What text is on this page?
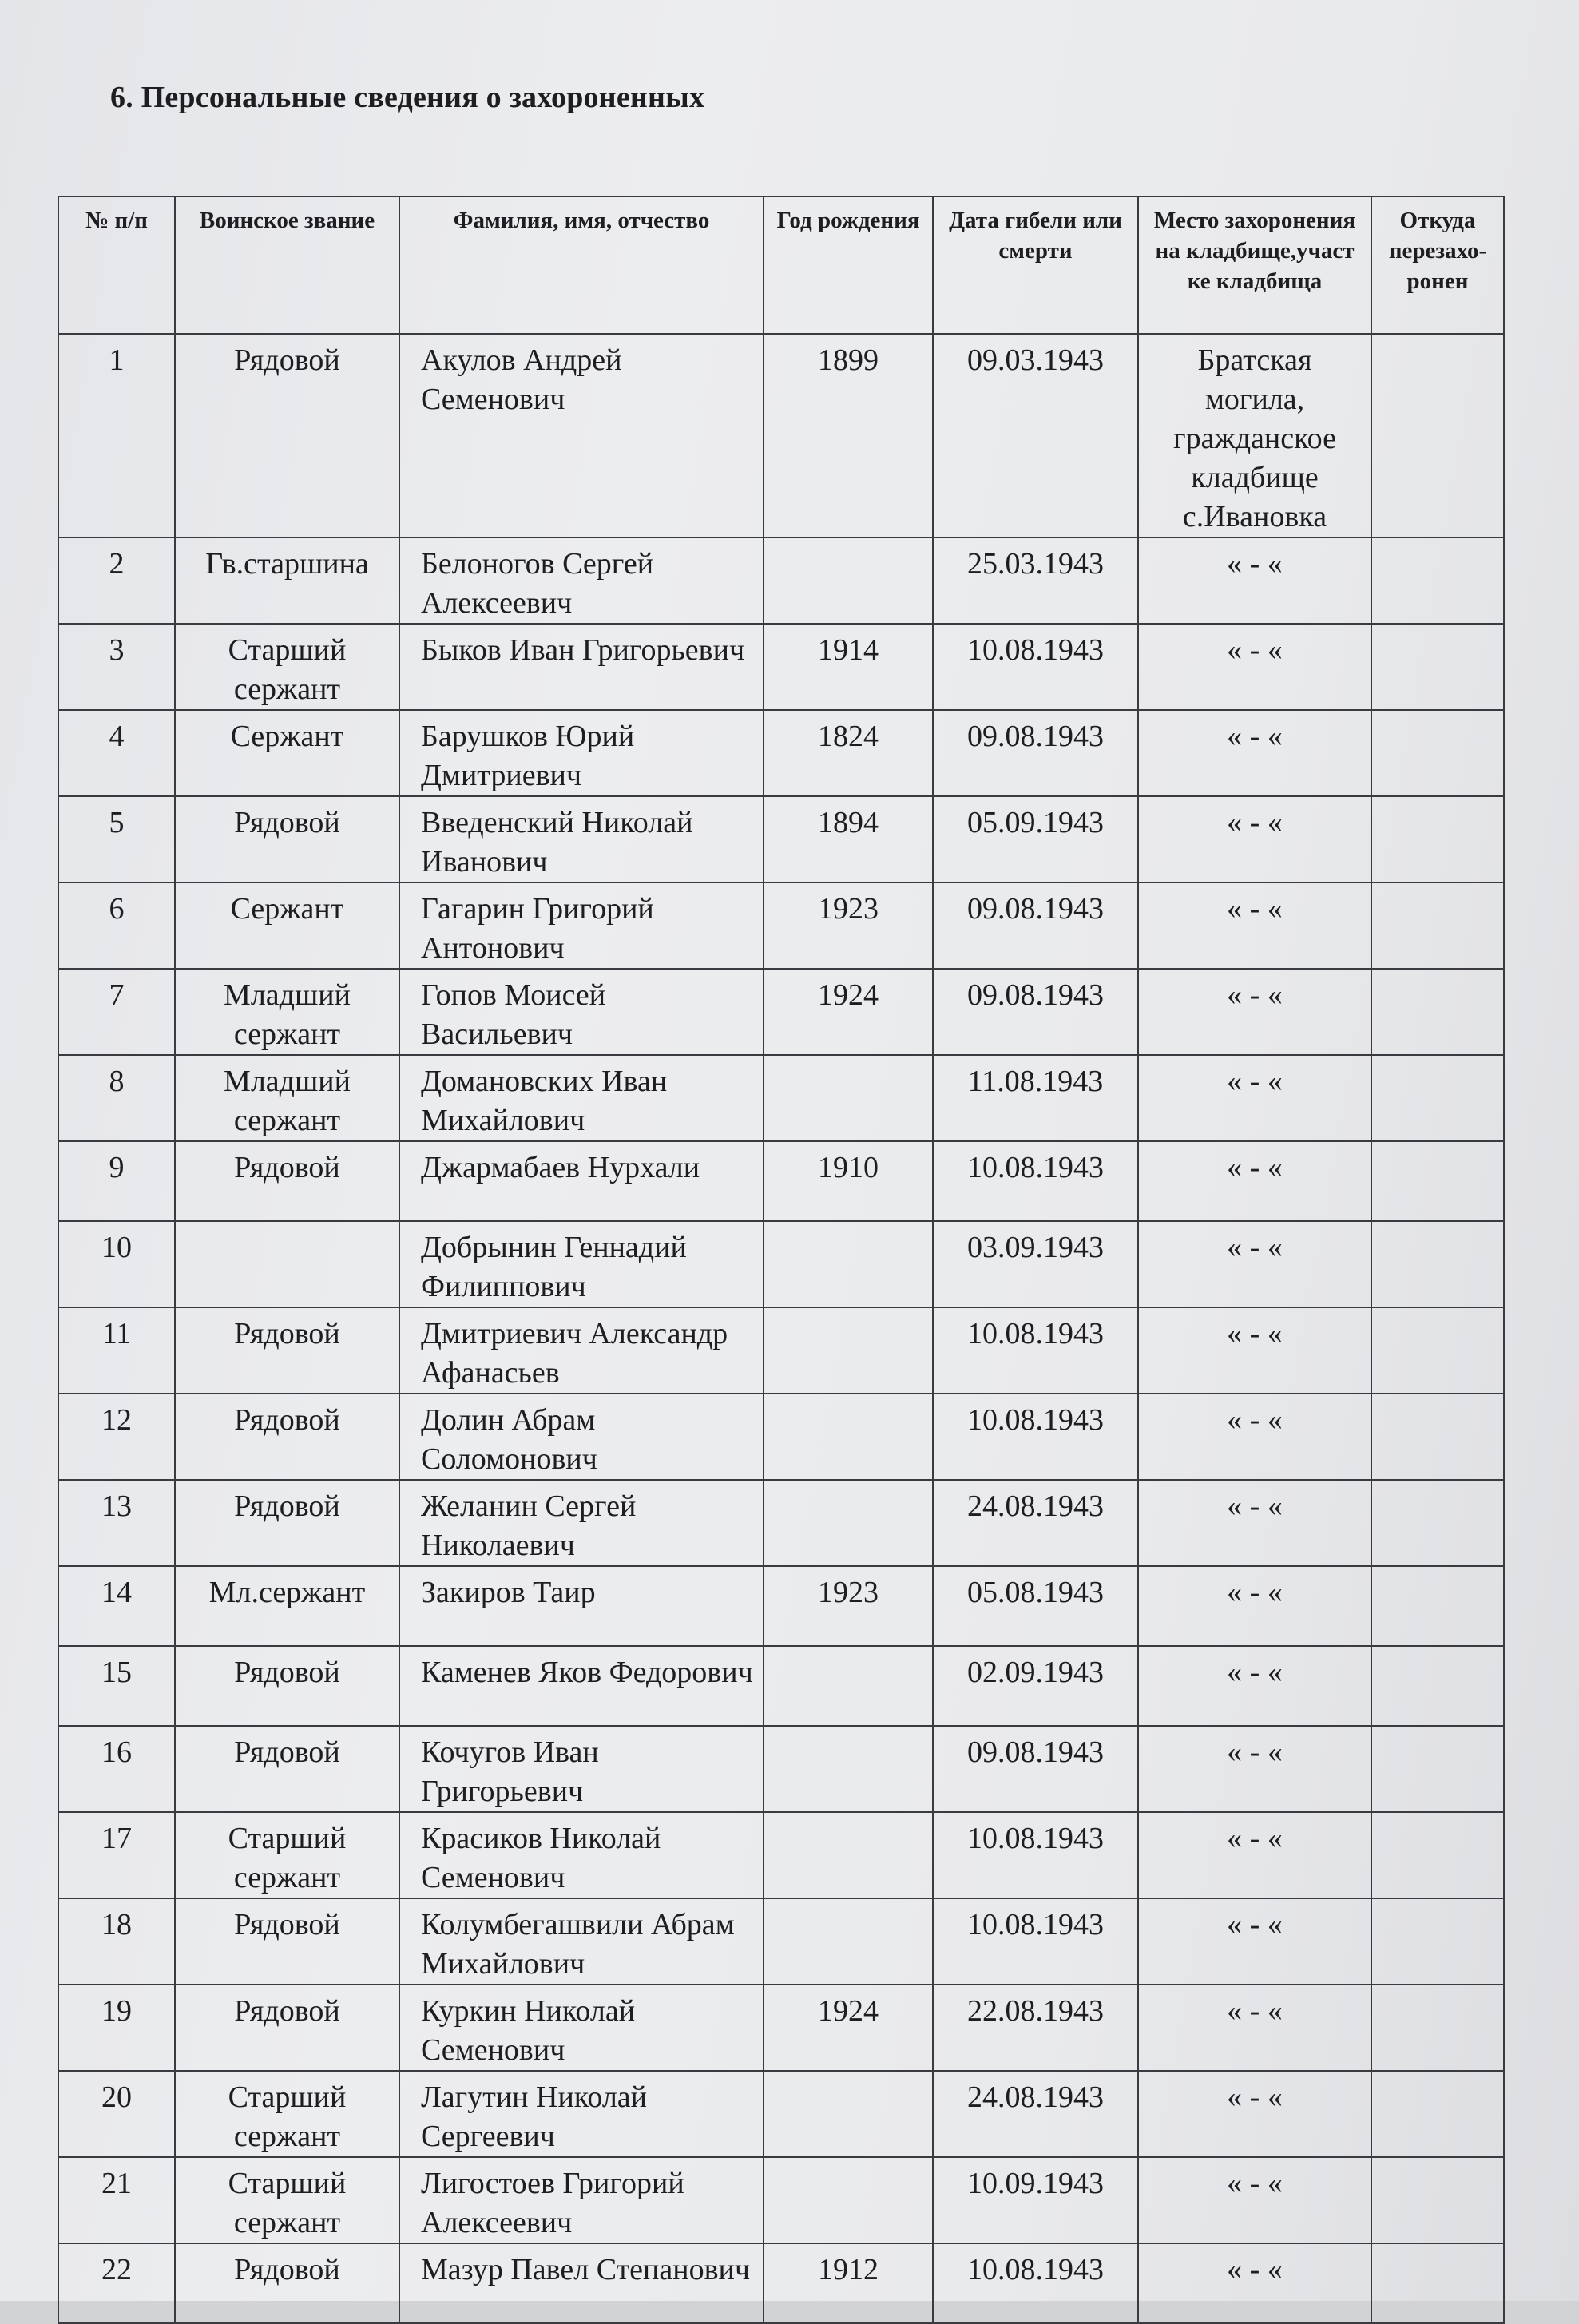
6. Персональные сведения о захороненных
№ п/п	Воинское звание	Фамилия, имя, отчество	Год рождения	Дата гибели или смерти	Место захоронения на кладбище,участ ке кладбища	Откуда перезахо-ронен
1	Рядовой	Акулов Андрей Семенович	1899	09.03.1943	Братская могила, гражданское кладбище с.Ивановка	
2	Гв.старшина	Белоногов Сергей Алексеевич		25.03.1943	« - «	
3	Старший сержант	Быков Иван Григорьевич	1914	10.08.1943	« - «	
4	Сержант	Барушков Юрий Дмитриевич	1824	09.08.1943	« - «	
5	Рядовой	Введенский Николай Иванович	1894	05.09.1943	« - «	
6	Сержант	Гагарин Григорий Антонович	1923	09.08.1943	« - «	
7	Младший сержант	Гопов Моисей Васильевич	1924	09.08.1943	« - «	
8	Младший сержант	Домановских Иван Михайлович		11.08.1943	« - «	
9	Рядовой	Джармабаев Нурхали	1910	10.08.1943	« - «	
10		Добрынин Геннадий Филиппович		03.09.1943	« - «	
11	Рядовой	Дмитриевич Александр Афанасьев		10.08.1943	« - «	
12	Рядовой	Долин Абрам Соломонович		10.08.1943	« - «	
13	Рядовой	Желанин Сергей Николаевич		24.08.1943	« - «	
14	Мл.сержант	Закиров Таир	1923	05.08.1943	« - «	
15	Рядовой	Каменев Яков Федорович		02.09.1943	« - «	
16	Рядовой	Кочугов Иван Григорьевич		09.08.1943	« - «	
17	Старший сержант	Красиков Николай Семенович		10.08.1943	« - «	
18	Рядовой	Колумбегашвили Абрам Михайлович		10.08.1943	« - «	
19	Рядовой	Куркин Николай Семенович	1924	22.08.1943	« - «	
20	Старший сержант	Лагутин Николай Сергеевич		24.08.1943	« - «	
21	Старший сержант	Лигостоев Григорий Алексеевич		10.09.1943	« - «	
22	Рядовой	Мазур Павел Степанович	1912	10.08.1943	« - «	
